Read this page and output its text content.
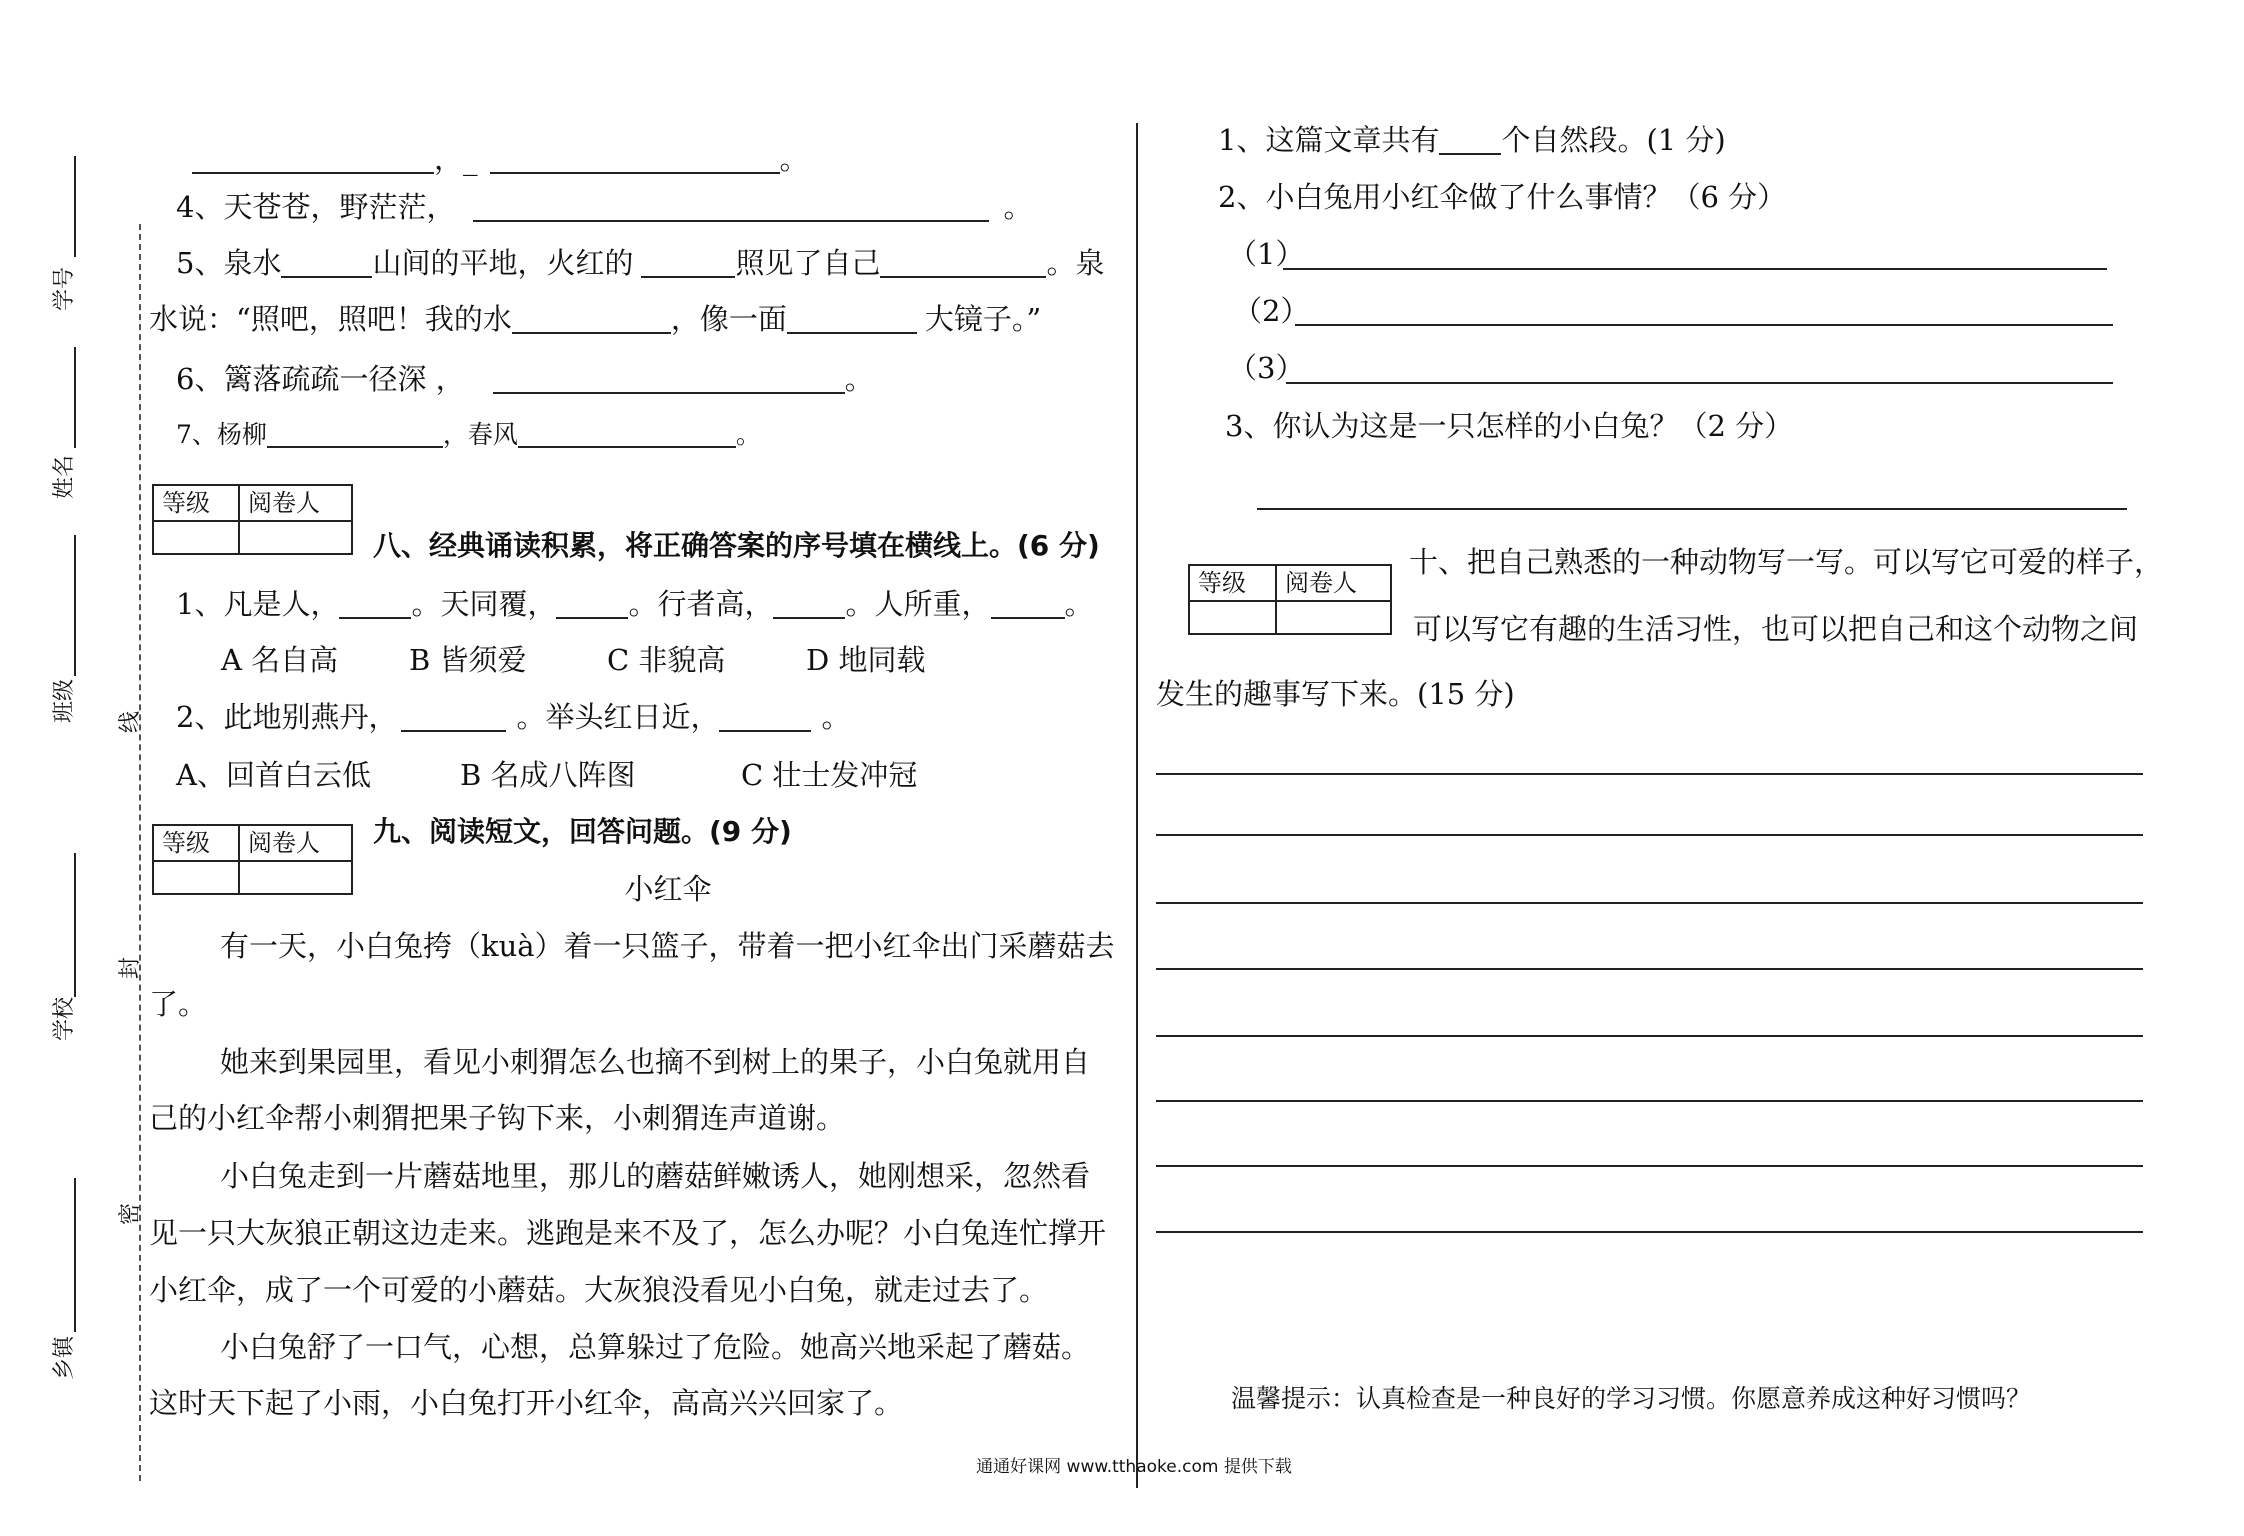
学号
姓名
班级
学校
乡镇
线
封
密
，_	。
4、天苍苍，野茫茫，	。
5、泉水	山间的平地，火红的	照见了自己	。泉
水说：“照吧，照吧！我的水	，像一面	大镜子。”
6、篱落疏疏一径深 ，	。
7、杨柳	，春风	。
等级	阅卷人

八、经典诵读积累，将正确答案的序号填在横线上。(6 分)
1、凡是人， 。天同覆， 。行者高， 。人所重，	。
A 名自高 B 皆须爱	C 非貌高	D 地同载
2、此地别燕丹，	。举头红日近，	。
A、回首白云低	B 名成八阵图	C 壮士发冲冠
等级	阅卷人
	九、阅读短文，回答问题。(9 分)
小红伞
有一天，小白兔挎（kuà）着一只篮子，带着一把小红伞出门采蘑菇去
了。
她来到果园里，看见小刺猬怎么也摘不到树上的果子，小白兔就用自
己的小红伞帮小刺猬把果子钩下来，小刺猬连声道谢。
小白兔走到一片蘑菇地里，那儿的蘑菇鲜嫩诱人，她刚想采，忽然看
见一只大灰狼正朝这边走来。逃跑是来不及了，怎么办呢？小白兔连忙撑开
小红伞，成了一个可爱的小蘑菇。大灰狼没看见小白兔，就走过去了。
小白兔舒了一口气，心想，总算躲过了危险。她高兴地采起了蘑菇。
这时天下起了小雨，小白兔打开小红伞，高高兴兴回家了。
1、这篇文章共有 个自然段。(1 分)
2、小白兔用小红伞做了什么事情？（6 分）
（1）
（2）
（3）
3、你认为这是一只怎样的小白兔？（2 分）
等级	阅卷人

十、把自己熟悉的一种动物写一写。可以写它可爱的样子，
可以写它有趣的生活习性，也可以把自己和这个动物之间
发生的趣事写下来。(15 分)
温馨提示：认真检查是一种良好的学习习惯。你愿意养成这种好习惯吗？
通通好课网 www.tthaoke.com 提供下载
